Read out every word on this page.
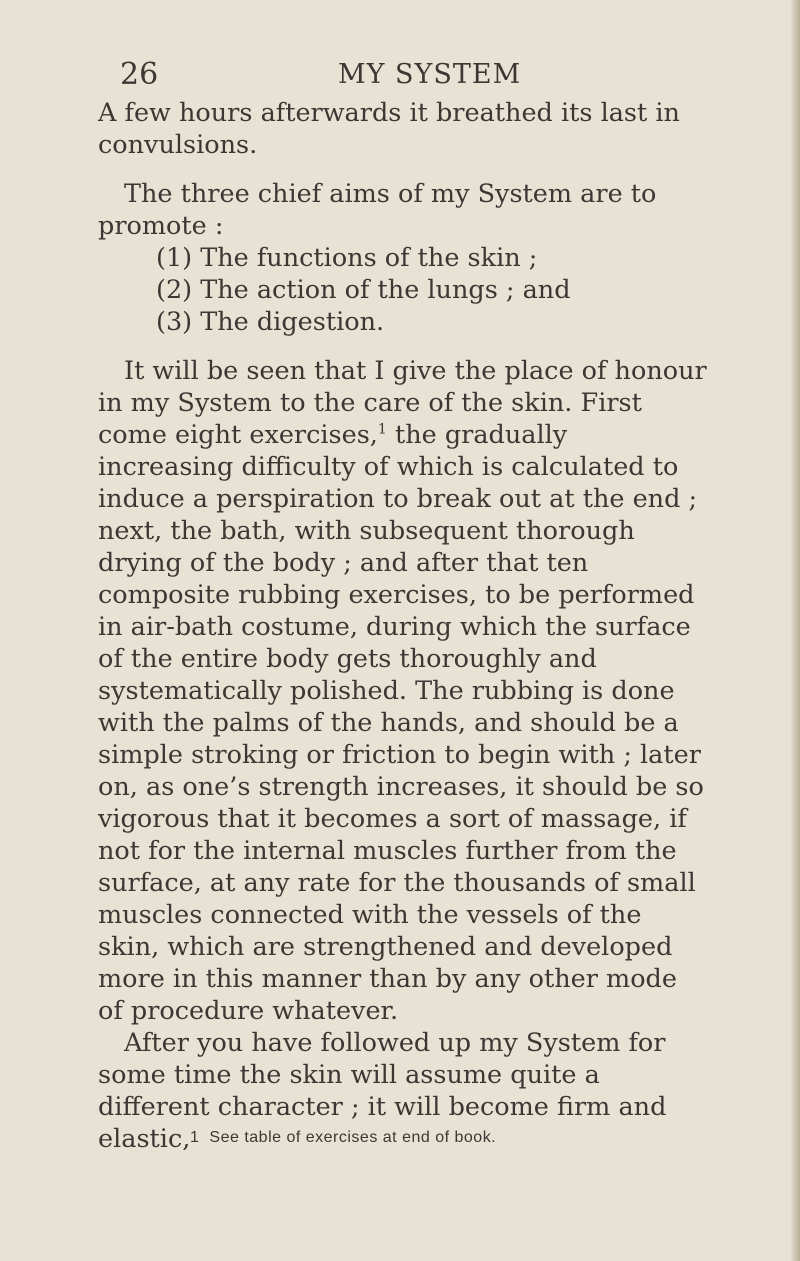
26	MY SYSTEM

A few hours afterwards it breathed its last in convulsions.

The three chief aims of my System are to promote :

(1) The functions of the skin ;
(2) The action of the lungs ; and
(3) The digestion.

It will be seen that I give the place of honour in my System to the care of the skin. First come eight exercises,$^1$ the gradually increasing difficulty of which is calculated to induce a perspiration to break out at the end ; next, the bath, with subsequent thorough drying of the body ; and after that ten composite rubbing exercises, to be performed in air-bath costume, during which the surface of the entire body gets thoroughly and systematically polished. The rubbing is done with the palms of the hands, and should be a simple stroking or friction to begin with ; later on, as one’s strength increases, it should be so vigorous that it becomes a sort of massage, if not for the internal muscles further from the surface, at any rate for the thousands of small muscles connected with the vessels of the skin, which are strengthened and developed more in this manner than by any other mode of procedure whatever.

After you have followed up my System for some time the skin will assume quite a different character ; it will become firm and elastic, 1 See table of exercises at end of book.
